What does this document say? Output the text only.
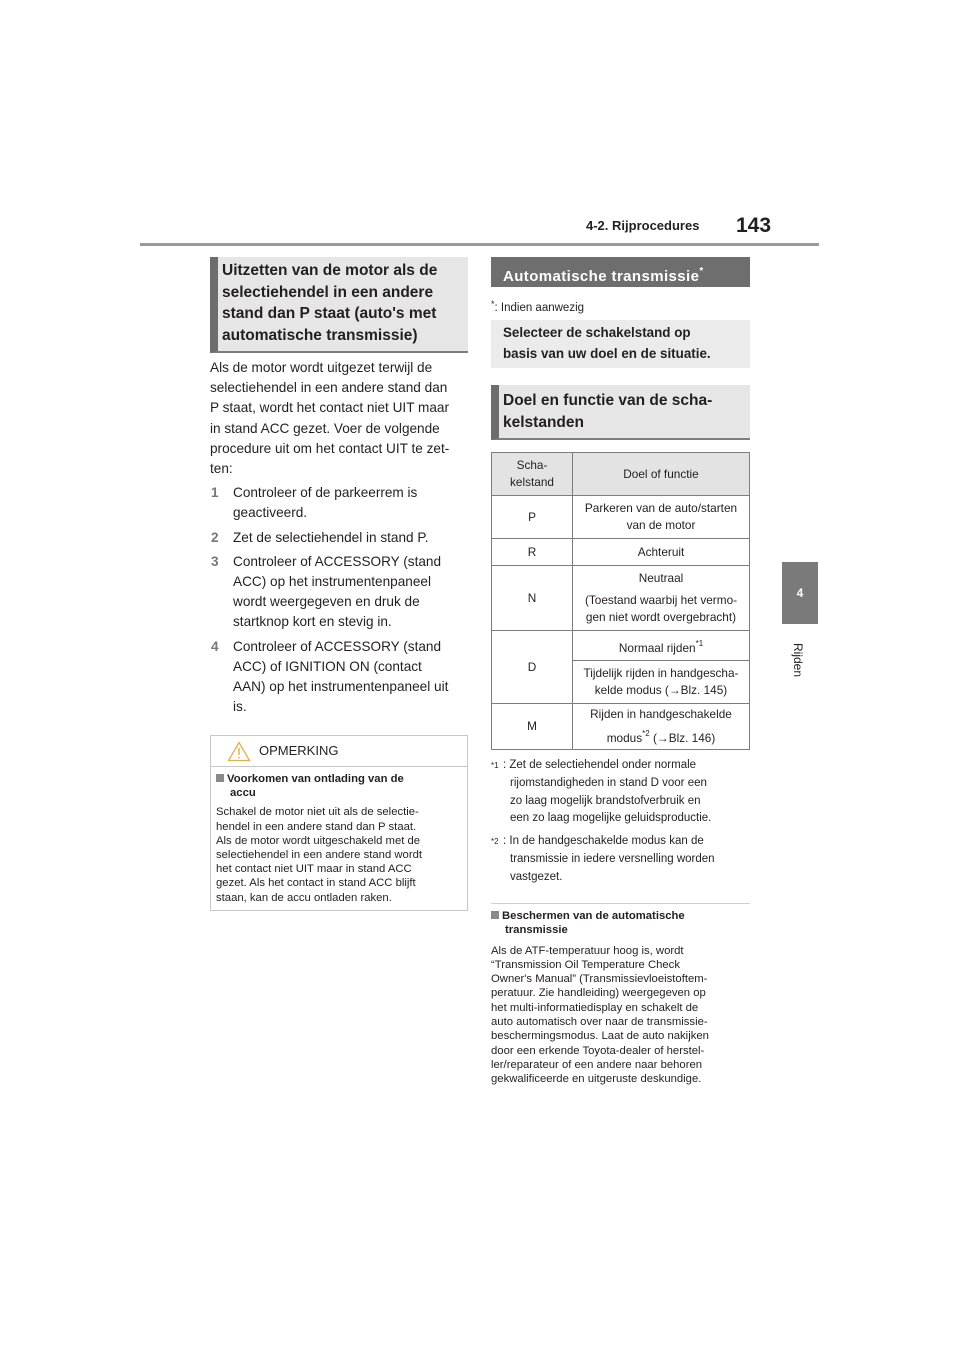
4-2. Rijprocedures 143
4
Rijden
Uitzetten van de motor als de
selectiehendel in een andere
stand dan P staat (auto's met
automatische transmissie)
Als de motor wordt uitgezet terwijl de
selectiehendel in een andere stand dan
P staat, wordt het contact niet UIT maar
in stand ACC gezet. Voer de volgende
procedure uit om het contact UIT te zet-
ten:
1 Controleer of de parkeerrem is
geactiveerd.
2 Zet de selectiehendel in stand P.
3 Controleer of ACCESSORY (stand
ACC) op het instrumentenpaneel
wordt weergegeven en druk de
startknop kort en stevig in.
4 Controleer of ACCESSORY (stand
ACC) of IGNITION ON (contact
AAN) op het instrumentenpaneel uit
is.
OPMERKING
Voorkomen van ontlading van de
accu
Schakel de motor niet uit als de selectie-
hendel in een andere stand dan P staat.
Als de motor wordt uitgeschakeld met de
selectiehendel in een andere stand wordt
het contact niet UIT maar in stand ACC
gezet. Als het contact in stand ACC blijft
staan, kan de accu ontladen raken.
Automatische transmissie*
*: Indien aanwezig
Selecteer de schakelstand op
basis van uw doel en de situatie.
Doel en functie van de scha-
kelstanden
Scha-
kelstand	Doel of functie
P	Parkeren van de auto/starten
van de motor

R	Achteruit
N	Neutraal
(Toestand waarbij het vermo-
gen niet wordt overgebracht)

D	Normaal rijden$^{*1}$

	Tijdelijk rijden in handgescha-
kelde modus (→Blz. 145)

M	Rijden in handgeschakelde
modus$^{*2}$ (→Blz. 146)
$^{*1}$ : Zet de selectiehendel onder normale
rijomstandigheden in stand D voor een
zo laag mogelijk brandstofverbruik en
een zo laag mogelijke geluidsproductie.
$^{*2}$ : In de handgeschakelde modus kan de
transmissie in iedere versnelling worden
vastgezet.
Beschermen van de automatische
transmissie
Als de ATF-temperatuur hoog is, wordt
“Transmission Oil Temperature Check
Owner's Manual” (Transmissievloeistoftem-
peratuur. Zie handleiding) weergegeven op
het multi-informatiedisplay en schakelt de
auto automatisch over naar de transmissie-
beschermingsmodus. Laat de auto nakijken
door een erkende Toyota-dealer of herstel-
ler/reparateur of een andere naar behoren
gekwalificeerde en uitgeruste deskundige.
